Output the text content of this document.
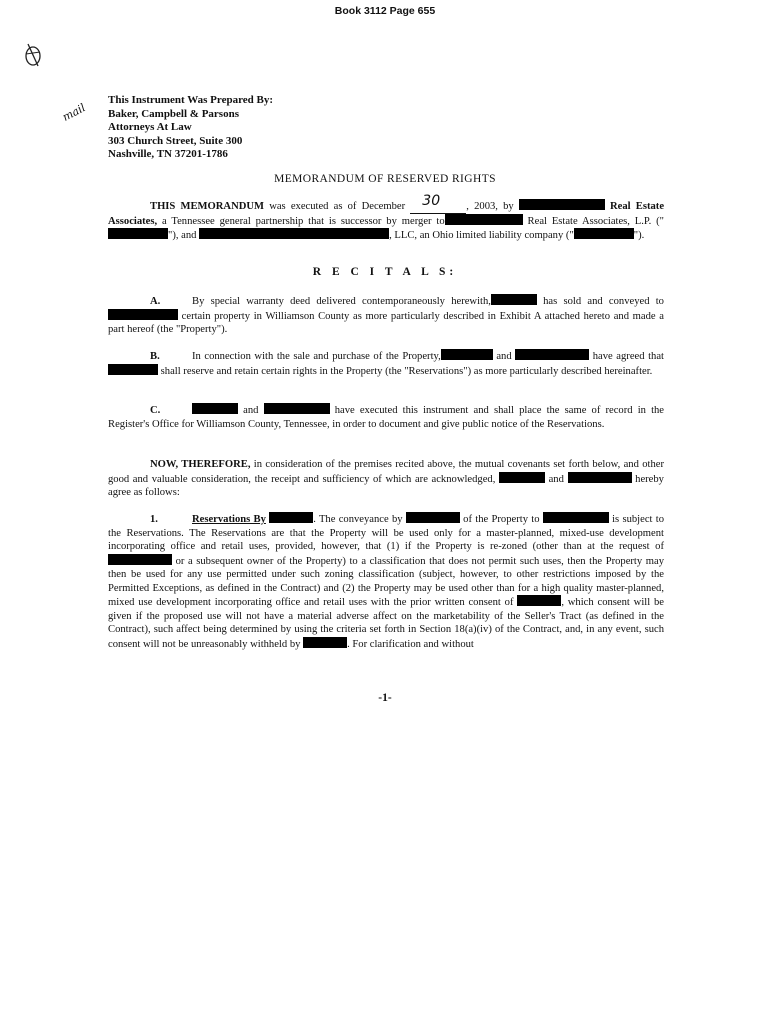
Book 3112 Page 655
mail
This Instrument Was Prepared By:
Baker, Campbell & Parsons
Attorneys At Law
303 Church Street, Suite 300
Nashville, TN 37201-1786
MEMORANDUM OF RESERVED RIGHTS
THIS MEMORANDUM was executed as of December 30 , 2003, by	Real Estate Associates, a Tennessee general partnership that is successor by merger to	Real Estate Associates, L.P. (""), and	, LLC, an Ohio limited liability company ("	").
R E C I T A L S:
A.	By special warranty deed delivered contemporaneously herewith,	has sold and conveyed to  certain property in Williamson County as more particularly described in Exhibit A attached hereto and made a part hereof (the "Property").
B.	In connection with the sale and purchase of the Property,	and	have agreed that  shall reserve and retain certain rights in the Property (the "Reservations") as more particularly described hereinafter.
C.	and	have executed this instrument and shall place the same of record in the Register's Office for Williamson County, Tennessee, in order to document and give public notice of the Reservations.
NOW, THEREFORE, in consideration of the premises recited above, the mutual covenants set forth below, and other good and valuable consideration, the receipt and sufficiency of which are acknowledged,	and	hereby agree as follows:
1.	Reservations By	. The conveyance by	of the Property to	is subject to the Reservations. The Reservations are that the Property will be used only for a master-planned, mixed-use development incorporating office and retail uses, provided, however, that (1) if the Property is re-zoned (other than at the request of  or a subsequent owner of the Property) to a classification that does not permit such uses, then the Property may then be used for any use permitted under such zoning classification (subject, however, to other restrictions imposed by the Permitted Exceptions, as defined in the Contract) and (2) the Property may be used other than for a high quality master-planned, mixed use development incorporating office and retail uses with the prior written consent of	, which consent will be given if the proposed use will not have a material adverse affect on the marketability of the Seller's Tract (as defined in the Contract), such affect being determined by using the criteria set forth in Section 18(a)(iv) of the Contract, and, in any event, such consent will not be unreasonably withheld by	. For clarification and without
-1-
